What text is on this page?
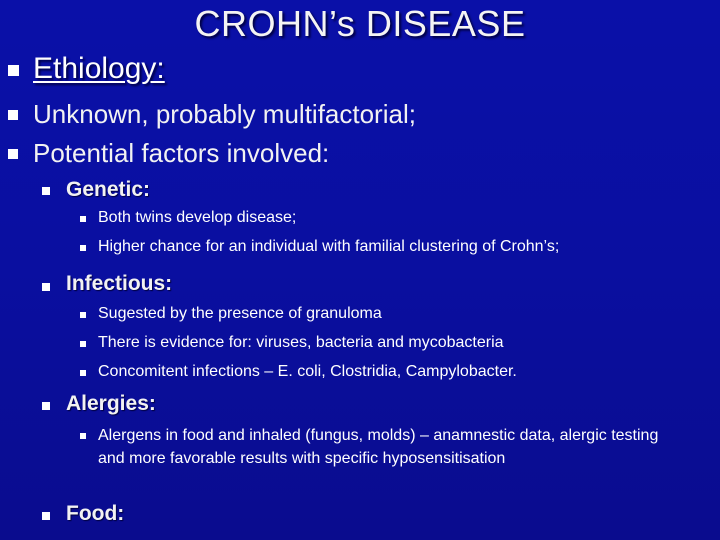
CROHN’s DISEASE
Ethiology:
Unknown, probably multifactorial;
Potential factors involved:
Genetic:
Both twins develop disease;
Higher chance for an individual with familial clustering of Crohn’s;
Infectious:
Sugested by the presence of granuloma
There is evidence for: viruses, bacteria and mycobacteria
Concomitent infections – E. coli, Clostridia, Campylobacter.
Alergies:
Alergens in food and inhaled (fungus, molds) – anamnestic data, alergic testing and more favorable results with specific hyposensitisation
Food:
